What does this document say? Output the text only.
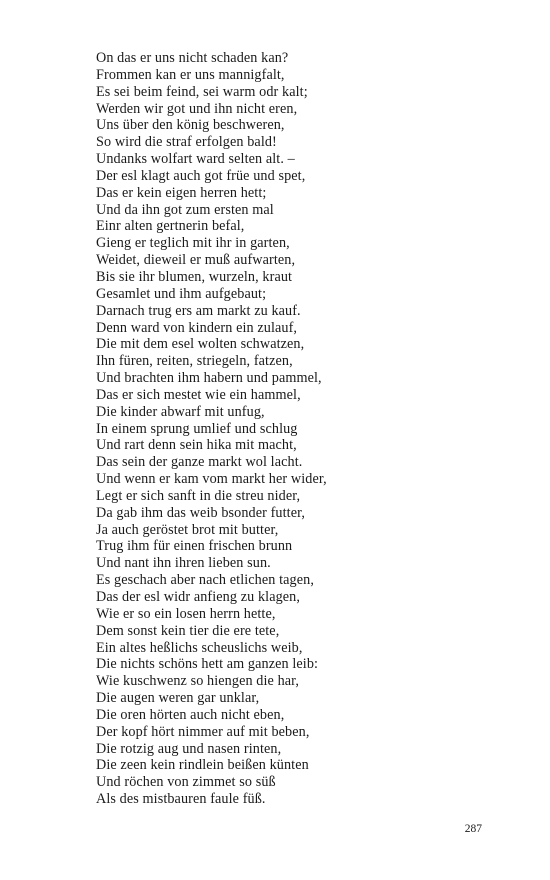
On das er uns nicht schaden kan?
Frommen kan er uns mannigfalt,
Es sei beim feind, sei warm odr kalt;
Werden wir got und ihn nicht eren,
Uns über den könig beschweren,
So wird die straf erfolgen bald!
Undanks wolfart ward selten alt. –
Der esl klagt auch got früe und spet,
Das er kein eigen herren hett;
Und da ihn got zum ersten mal
Einr alten gertnerin befal,
Gieng er teglich mit ihr in garten,
Weidet, dieweil er muß aufwarten,
Bis sie ihr blumen, wurzeln, kraut
Gesamlet und ihm aufgebaut;
Darnach trug ers am markt zu kauf.
Denn ward von kindern ein zulauf,
Die mit dem esel wolten schwatzen,
Ihn füren, reiten, striegeln, fatzen,
Und brachten ihm habern und pammel,
Das er sich mestet wie ein hammel,
Die kinder abwarf mit unfug,
In einem sprung umlief und schlug
Und rart denn sein hika mit macht,
Das sein der ganze markt wol lacht.
Und wenn er kam vom markt her wider,
Legt er sich sanft in die streu nider,
Da gab ihm das weib bsonder futter,
Ja auch geröstet brot mit butter,
Trug ihm für einen frischen brunn
Und nant ihn ihren lieben sun.
Es geschach aber nach etlichen tagen,
Das der esl widr anfieng zu klagen,
Wie er so ein losen herrn hette,
Dem sonst kein tier die ere tete,
Ein altes heßlichs scheuslichs weib,
Die nichts schöns hett am ganzen leib:
Wie kuschwenz so hiengen die har,
Die augen weren gar unklar,
Die oren hörten auch nicht eben,
Der kopf hört nimmer auf mit beben,
Die rotzig aug und nasen rinten,
Die zeen kein rindlein beißen künten
Und röchen von zimmet so süß
Als des mistbauren faule füß.
287
